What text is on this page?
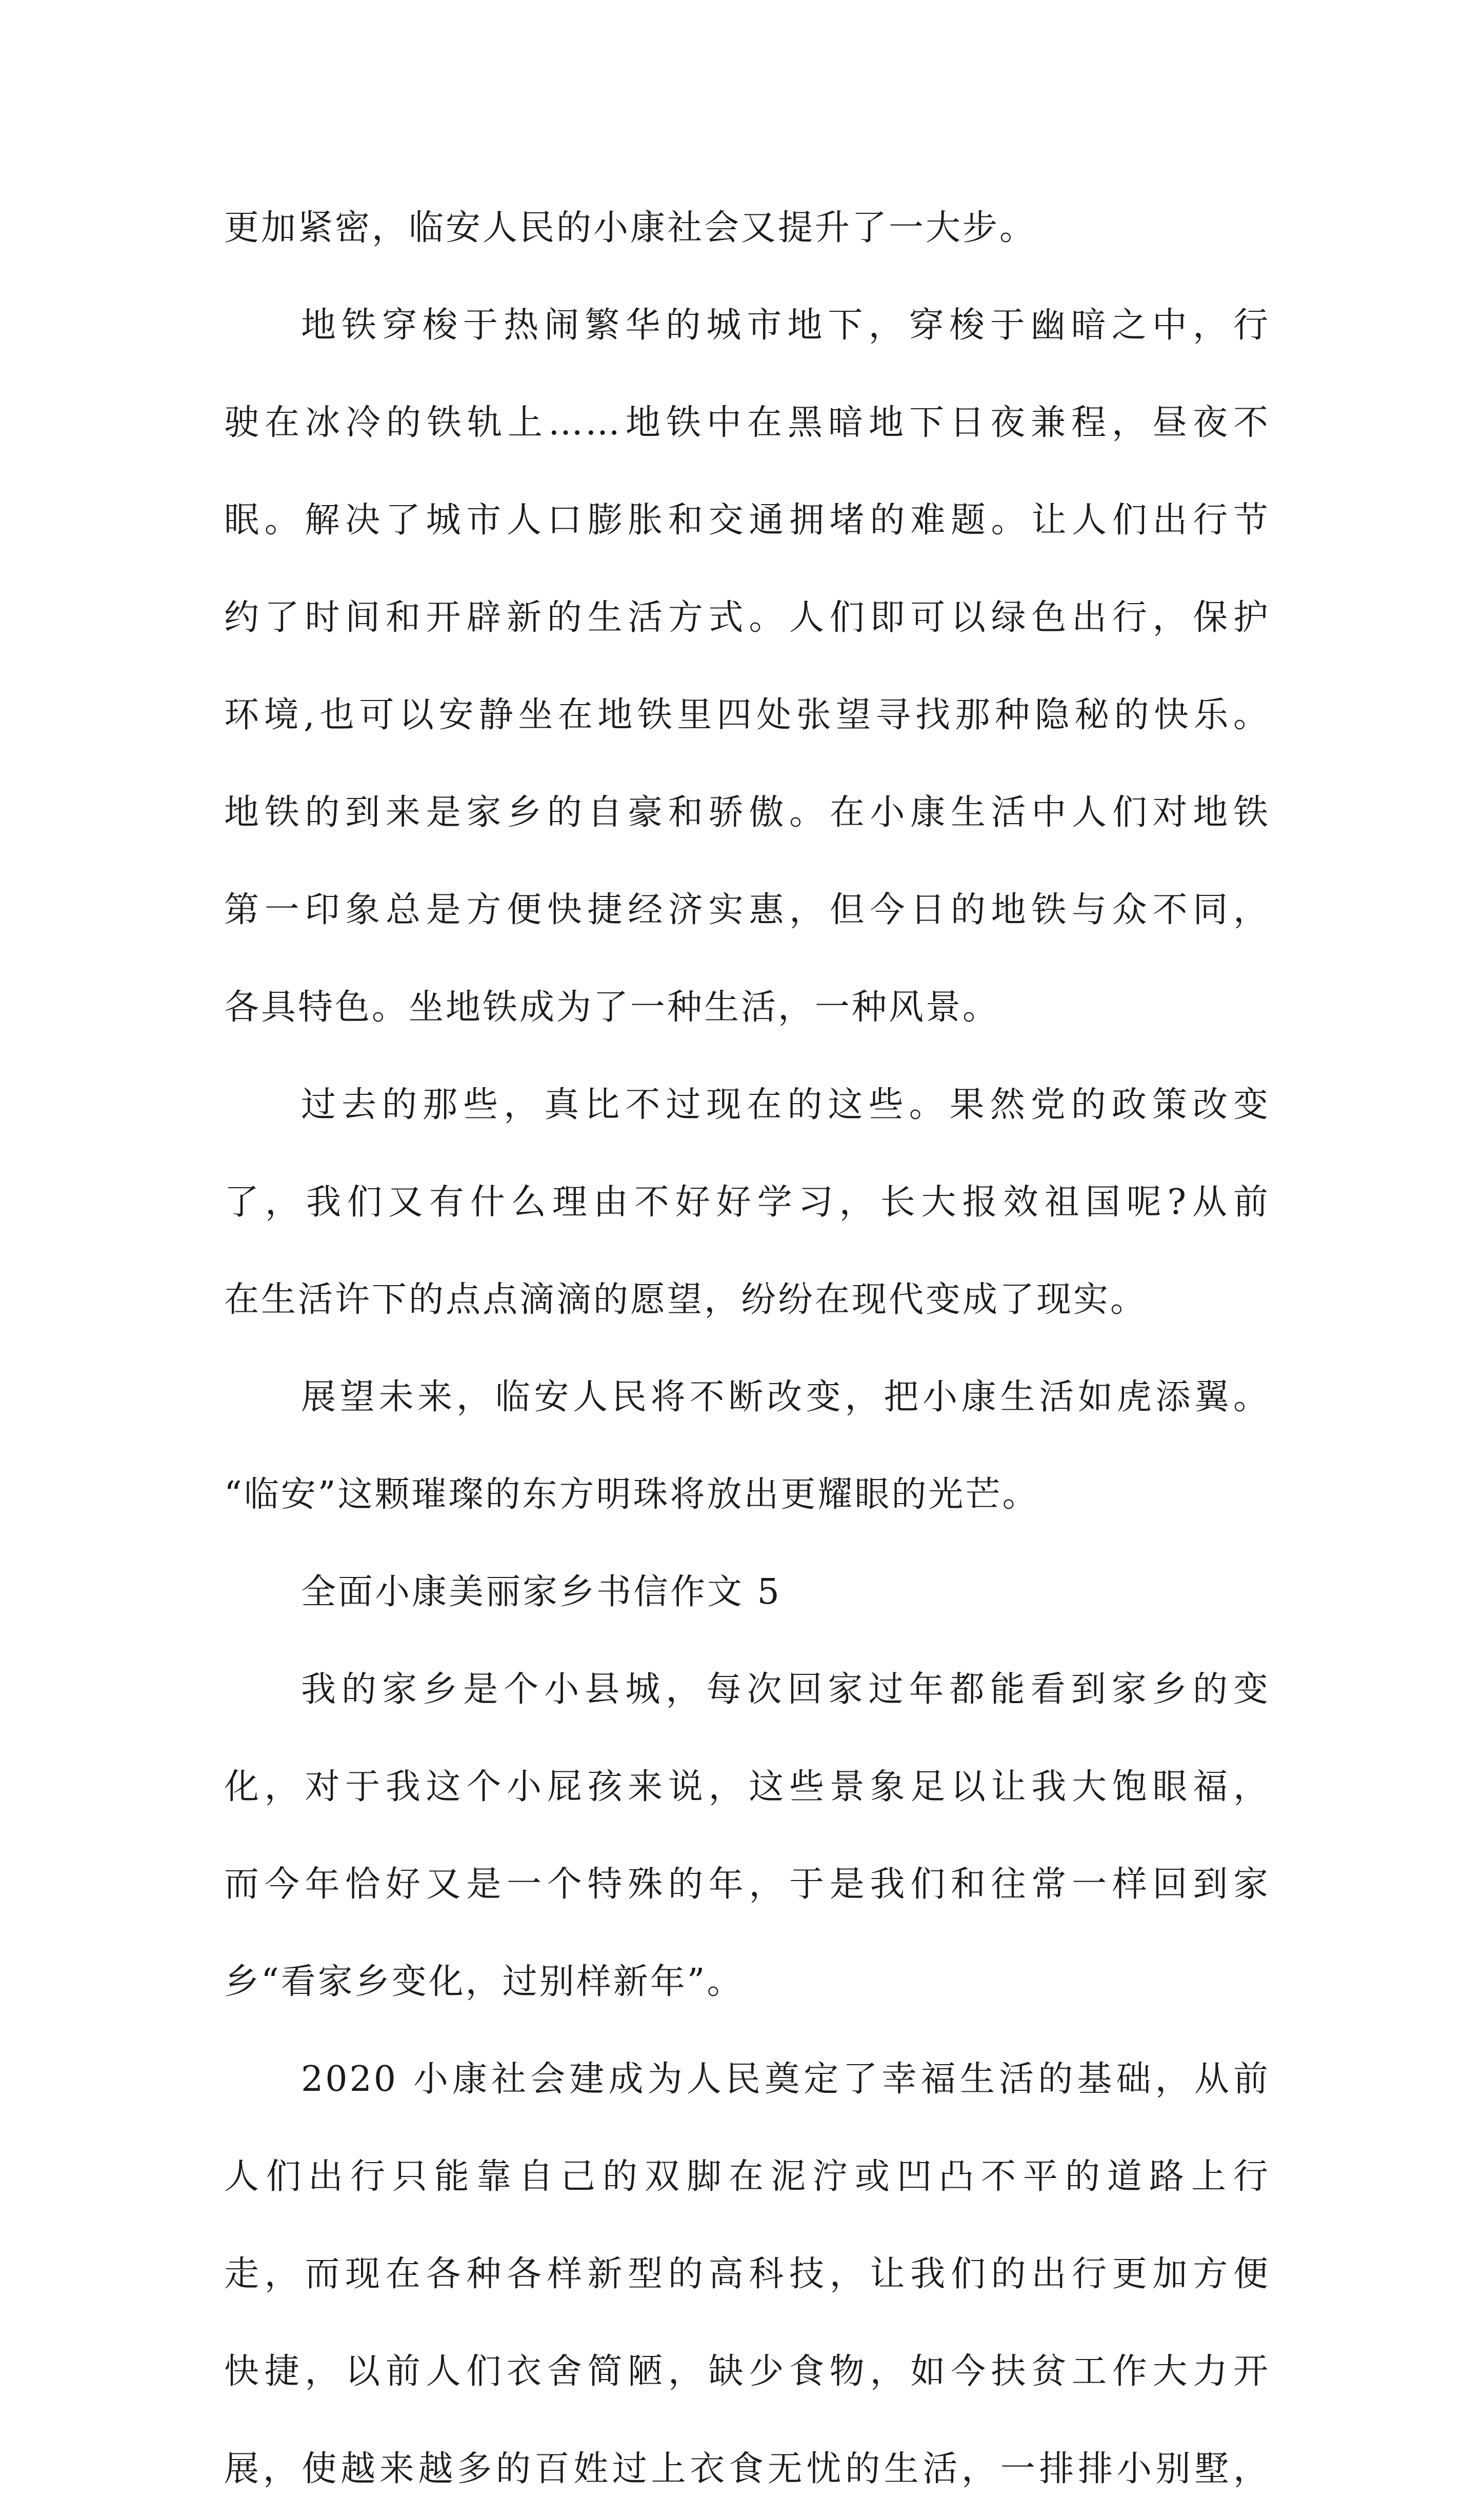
更加紧密，临安人民的小康社会又提升了一大步。
地铁穿梭于热闹繁华的城市地下，穿梭于幽暗之中，行
驶在冰冷的铁轨上……地铁中在黑暗地下日夜兼程，昼夜不
眠。解决了城市人口膨胀和交通拥堵的难题。让人们出行节
约了时间和开辟新的生活方式。人们即可以绿色出行，保护
环境,也可以安静坐在地铁里四处张望寻找那种隐秘的快乐。
地铁的到来是家乡的自豪和骄傲。在小康生活中人们对地铁
第一印象总是方便快捷经济实惠，但今日的地铁与众不同，
各具特色。坐地铁成为了一种生活，一种风景。
过去的那些，真比不过现在的这些。果然党的政策改变
了，我们又有什么理由不好好学习，长大报效祖国呢?从前
在生活许下的点点滴滴的愿望，纷纷在现代变成了现实。
展望未来，临安人民将不断改变，把小康生活如虎添翼。
“临安”这颗璀璨的东方明珠将放出更耀眼的光芒。
全面小康美丽家乡书信作文 5
我的家乡是个小县城，每次回家过年都能看到家乡的变
化，对于我这个小屁孩来说，这些景象足以让我大饱眼福，
而今年恰好又是一个特殊的年，于是我们和往常一样回到家
乡“看家乡变化，过别样新年”。
2020 小康社会建成为人民奠定了幸福生活的基础，从前
人们出行只能靠自己的双脚在泥泞或凹凸不平的道路上行
走，而现在各种各样新型的高科技，让我们的出行更加方便
快捷，以前人们衣舍简陋，缺少食物，如今扶贫工作大力开
展，使越来越多的百姓过上衣食无忧的生活，一排排小别墅，
